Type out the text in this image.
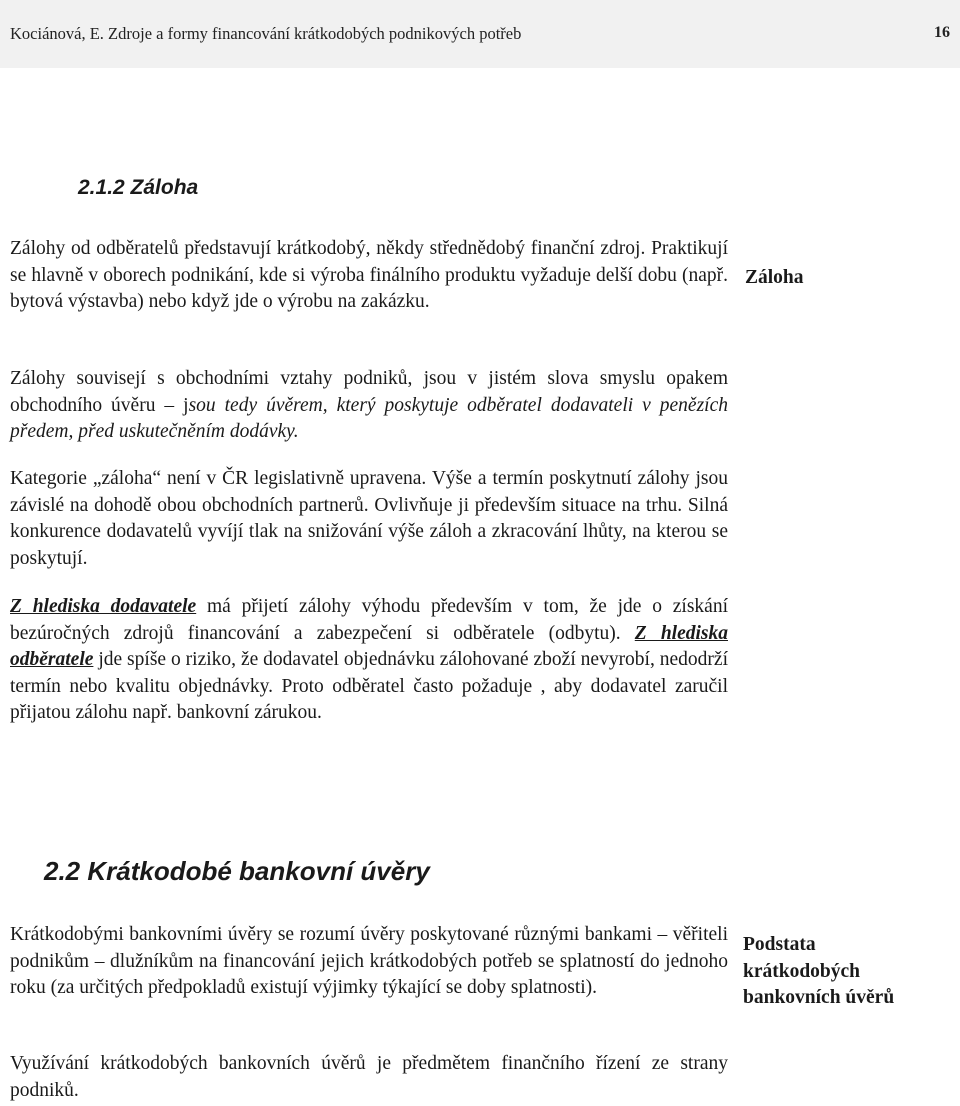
Kociánová, E. Zdroje a formy financování krátkodobých podnikových potřeb	16
2.1.2 Záloha
Záloha

Zálohy od odběratelů představují krátkodobý, někdy střednědobý finanční zdroj. Praktikují se hlavně v oborech podnikání, kde si výroba finálního produktu vyžaduje delší dobu (např. bytová výstavba) nebo když jde o výrobu na zakázku.

Zálohy souvisejí s obchodními vztahy podniků, jsou v jistém slova smyslu opakem obchodního úvěru – jsou tedy úvěrem, který poskytuje odběratel dodavateli v penězích předem, před uskutečněním dodávky.

Kategorie „záloha“ není v ČR legislativně upravena. Výše a termín poskytnutí zálohy jsou závislé na dohodě obou obchodních partnerů. Ovlivňuje ji především situace na trhu. Silná konkurence dodavatelů vyvíjí tlak na snižování výše záloh a zkracování lhůty, na kterou se poskytují.

Z hlediska dodavatele má přijetí zálohy výhodu především v tom, že jde o získání bezúročných zdrojů financování a zabezpečení si odběratele (odbytu). Z hlediska odběratele jde spíše o riziko, že dodavatel objednávku zálohované zboží nevyrobí, nedodrží termín nebo kvalitu objednávky. Proto odběratel často požaduje , aby dodavatel zaručil přijatou zálohu např. bankovní zárukou.

2.2 Krátkodobé bankovní úvěry
Podstata
krátkodobých
bankovních úvěrů

Krátkodobými bankovními úvěry se rozumí úvěry poskytované různými bankami – věřiteli podnikům – dlužníkům na financování jejich krátkodobých potřeb se splatností do jednoho roku (za určitých předpokladů existují výjimky týkající se doby splatnosti).

Využívání krátkodobých bankovních úvěrů je předmětem finančního řízení ze strany podniků.
